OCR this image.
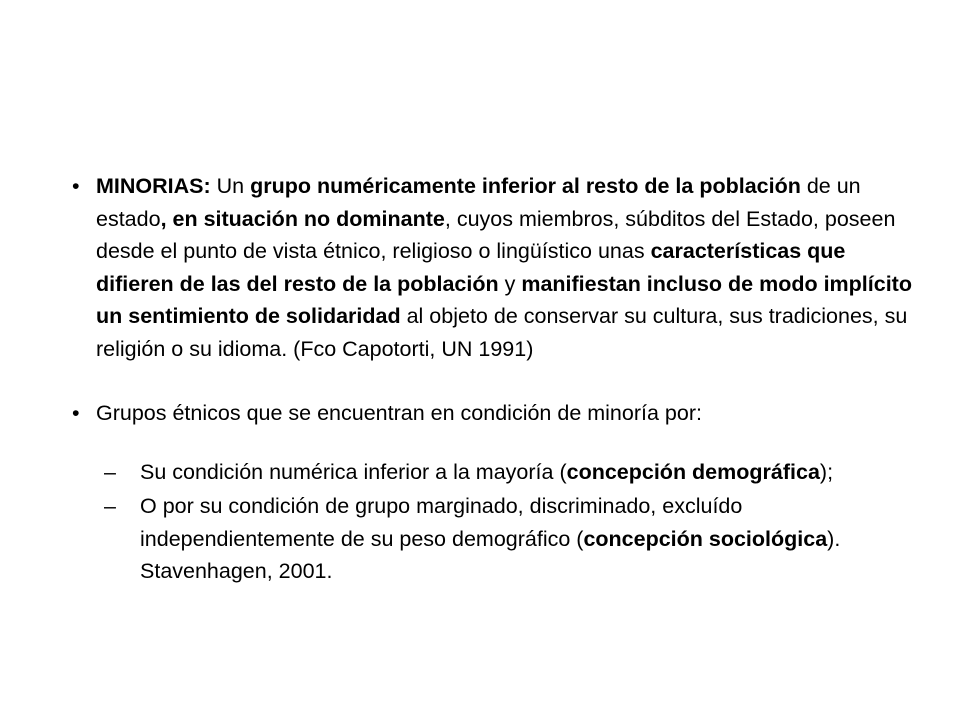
• MINORIAS: Un grupo numéricamente inferior al resto de la población de un estado, en situación no dominante, cuyos miembros, súbditos del Estado, poseen desde el punto de vista étnico, religioso o lingüístico unas características que difieren de las del resto de la población y manifiestan incluso de modo implícito un sentimiento de solidaridad al objeto de conservar su cultura, sus tradiciones, su religión o su idioma. (Fco Capotorti, UN 1991)
• Grupos étnicos que se encuentran en condición de minoría por:
– Su condición numérica inferior a la mayoría (concepción demográfica);
– O por su condición de grupo marginado, discriminado, excluído independientemente de su peso demográfico (concepción sociológica). Stavenhagen, 2001.
